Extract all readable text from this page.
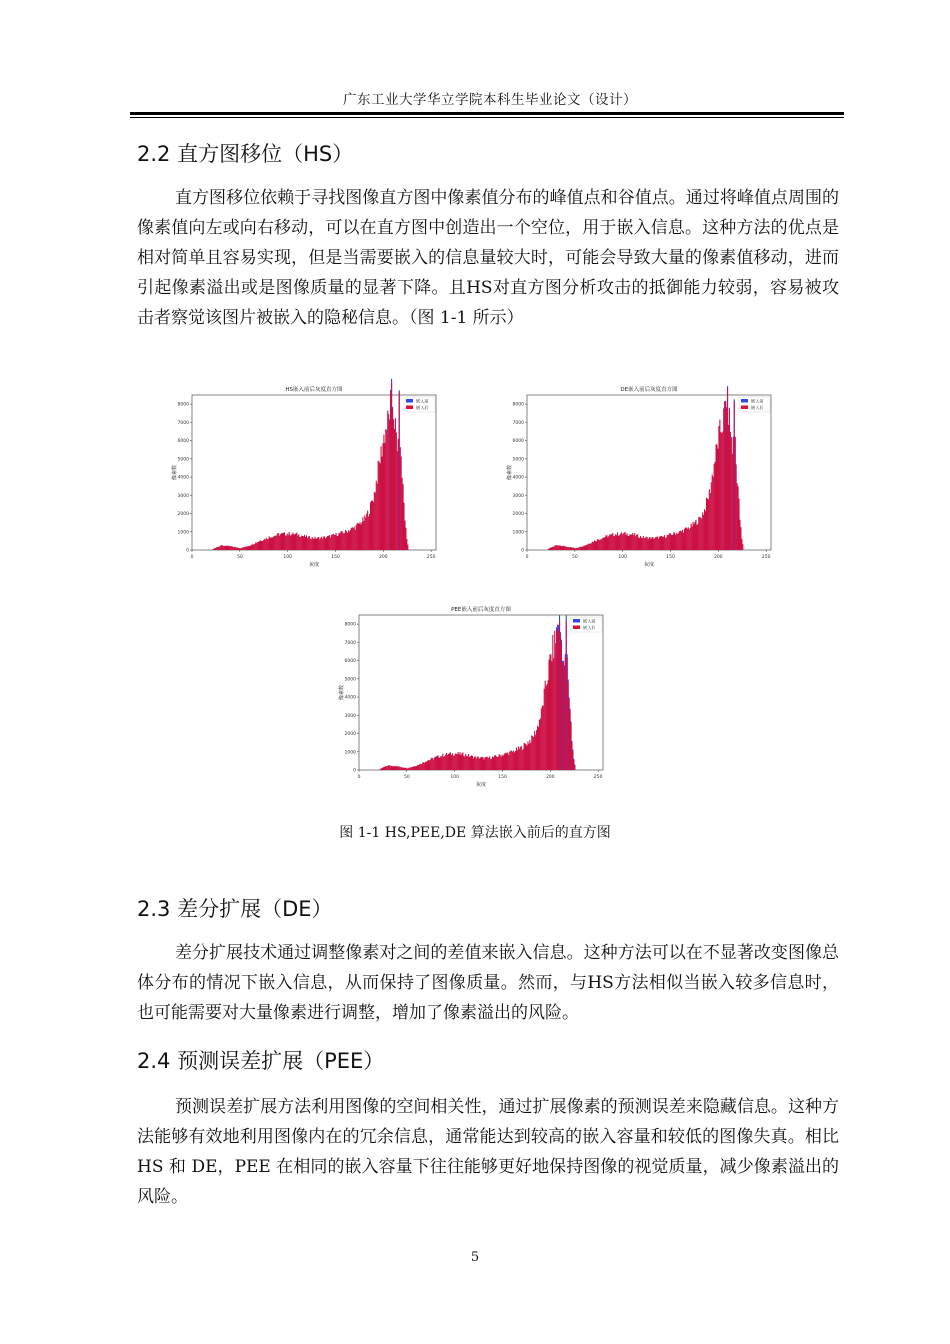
广东工业大学华立学院本科生毕业论文（设计）
2.2 直方图移位（HS）

直方图移位依赖于寻找图像直方图中像素值分布的峰值点和谷值点。通过将峰值点周围的像素值向左或向右移动，可以在直方图中创造出一个空位，用于嵌入信息。这种方法的优点是相对简单且容易实现，但是当需要嵌入的信息量较大时，可能会导致大量的像素值移动，进而引起像素溢出或是图像质量的显著下降。且HS对直方图分析攻击的抵御能力较弱，容易被攻击者察觉该图片被嵌入的隐秘信息。（图 1-1 所示）

HS嵌入前后灰度直方图
0	50	100	150	200	250
0
1000
2000
3000
4000
5000
6000
7000
8000
灰度
像素数
嵌入前
嵌入后
DE嵌入前后灰度直方图
0	50	100	150	200	250
0
1000
2000
3000
4000
5000
6000
7000
8000
灰度
像素数
嵌入前
嵌入后
PEE嵌入前后灰度直方图
0	50	100	150	200	250
0
1000
2000
3000
4000
5000
6000
7000
8000
灰度
像素数
嵌入前
嵌入后
图 1-1 HS,PEE,DE 算法嵌入前后的直方图
2.3 差分扩展（DE）

差分扩展技术通过调整像素对之间的差值来嵌入信息。这种方法可以在不显著改变图像总体分布的情况下嵌入信息，从而保持了图像质量。然而，与HS方法相似当嵌入较多信息时，也可能需要对大量像素进行调整，增加了像素溢出的风险。

2.4 预测误差扩展（PEE）

预测误差扩展方法利用图像的空间相关性，通过扩展像素的预测误差来隐藏信息。这种方法能够有效地利用图像内在的冗余信息，通常能达到较高的嵌入容量和较低的图像失真。相比 HS 和 DE，PEE 在相同的嵌入容量下往往能够更好地保持图像的视觉质量，减少像素溢出的风险。

5
